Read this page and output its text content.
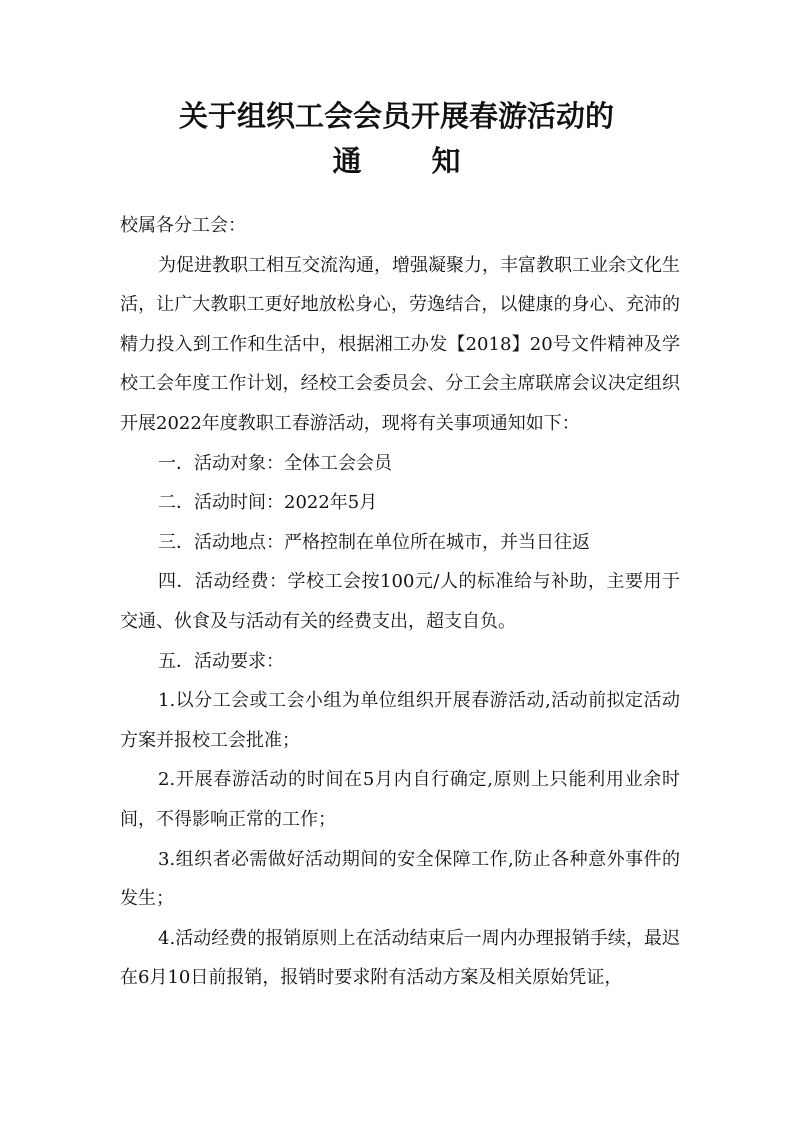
关于组织工会会员开展春游活动的
通 知

校属各分工会：

为促进教职工相互交流沟通，增强凝聚力，丰富教职工业余文化生活，让广大教职工更好地放松身心，劳逸结合，以健康的身心、充沛的精力投入到工作和生活中，根据湘工办发【2018】20号文件精神及学校工会年度工作计划，经校工会委员会、分工会主席联席会议决定组织开展2022年度教职工春游活动，现将有关事项通知如下：

一．活动对象：全体工会会员

二．活动时间：2022年5月

三．活动地点：严格控制在单位所在城市，并当日往返

四．活动经费：学校工会按100元/人的标准给与补助，主要用于交通、伙食及与活动有关的经费支出，超支自负。

五．活动要求：

1.以分工会或工会小组为单位组织开展春游活动,活动前拟定活动方案并报校工会批准；

2.开展春游活动的时间在5月内自行确定,原则上只能利用业余时间，不得影响正常的工作；

3.组织者必需做好活动期间的安全保障工作,防止各种意外事件的发生；

4.活动经费的报销原则上在活动结束后一周内办理报销手续，最迟在6月10日前报销，报销时要求附有活动方案及相关原始凭证，
